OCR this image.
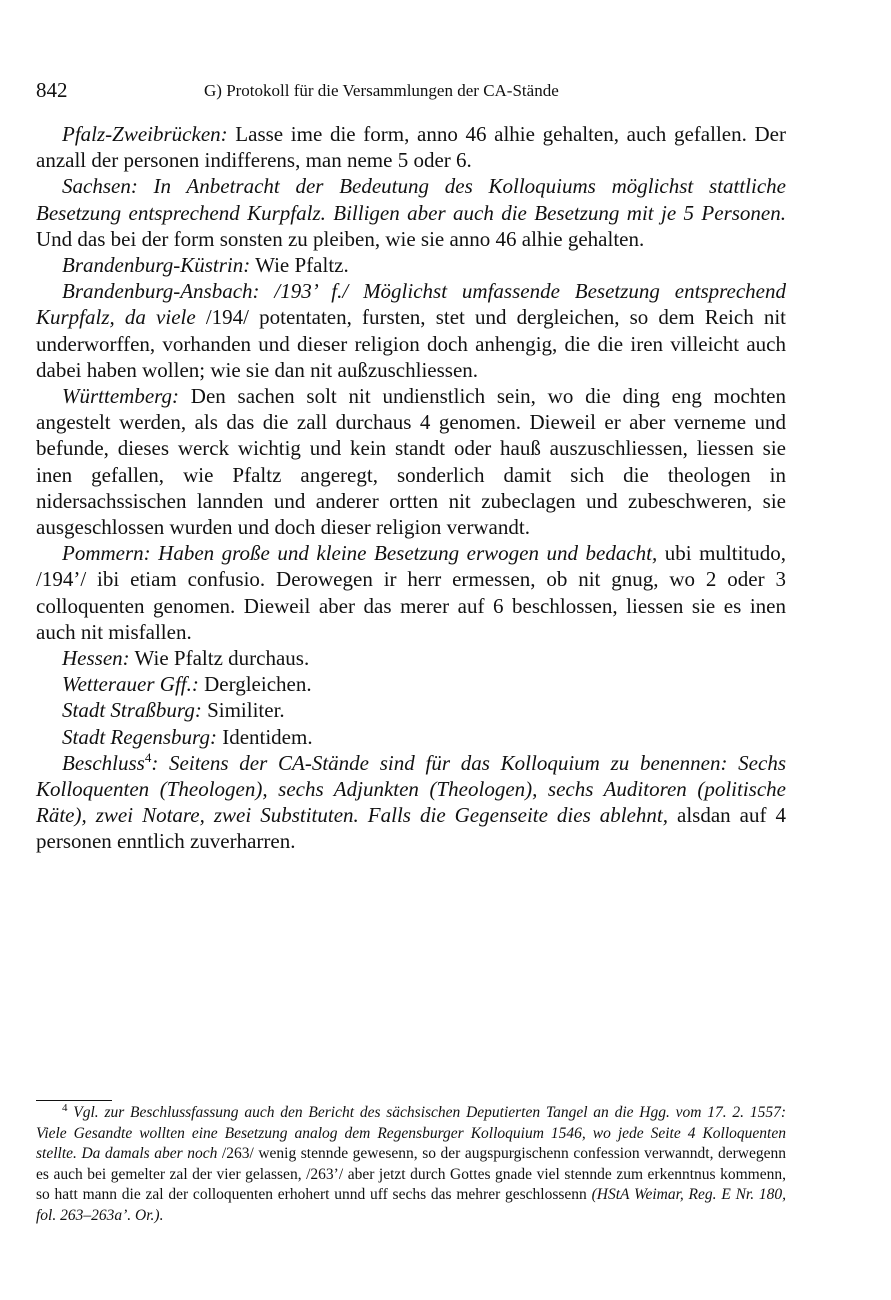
842	G) Protokoll für die Versammlungen der CA-Stände

Pfalz-Zweibrücken: Lasse ime die form, anno 46 alhie gehalten, auch gefallen. Der anzall der personen indifferens, man neme 5 oder 6.

Sachsen: In Anbetracht der Bedeutung des Kolloquiums möglichst stattliche Besetzung entsprechend Kurpfalz. Billigen aber auch die Besetzung mit je 5 Personen. Und das bei der form sonsten zu pleiben, wie sie anno 46 alhie gehalten.

Brandenburg-Küstrin: Wie Pfaltz.

Brandenburg-Ansbach: /193’ f./ Möglichst umfassende Besetzung entsprechend Kurpfalz, da viele /194/ potentaten, fursten, stet und dergleichen, so dem Reich nit underworffen, vorhanden und dieser religion doch anhengig, die die iren villeicht auch dabei haben wollen; wie sie dan nit außzuschliessen.

Württemberg: Den sachen solt nit undienstlich sein, wo die ding eng mochten angestelt werden, als das die zall durchaus 4 genomen. Dieweil er aber verneme und befunde, dieses werck wichtig und kein standt oder hauß auszuschliessen, liessen sie inen gefallen, wie Pfaltz angeregt, sonderlich damit sich die theologen in nidersachssischen lannden und anderer ortten nit zubeclagen und zubeschweren, sie ausgeschlossen wurden und doch dieser religion verwandt.

Pommern: Haben große und kleine Besetzung erwogen und bedacht, ubi multitudo, /194’/ ibi etiam confusio. Derowegen ir herr ermessen, ob nit gnug, wo 2 oder 3 colloquenten genomen. Dieweil aber das merer auf 6 beschlossen, liessen sie es inen auch nit misfallen.

Hessen: Wie Pfaltz durchaus.

Wetterauer Gff.: Dergleichen.

Stadt Straßburg: Similiter.

Stadt Regensburg: Identidem.

Beschluss$^4$: Seitens der CA-Stände sind für das Kolloquium zu benennen: Sechs Kolloquenten (Theologen), sechs Adjunkten (Theologen), sechs Auditoren (politische Räte), zwei Notare, zwei Substituten. Falls die Gegenseite dies ablehnt, alsdan auf 4 personen enntlich zuverharren.

$^4$ Vgl. zur Beschlussfassung auch den Bericht des sächsischen Deputierten Tangel an die Hgg. vom 17. 2. 1557: Viele Gesandte wollten eine Besetzung analog dem Regensburger Kolloquium 1546, wo jede Seite 4 Kolloquenten stellte. Da damals aber noch /263/ wenig stennde gewesenn, so der augspurgischenn confession verwanndt, derwegenn es auch bei gemelter zal der vier gelassen, /263’/ aber jetzt durch Gottes gnade viel stennde zum erkenntnus kommenn, so hatt mann die zal der colloquenten erhohert unnd uff sechs das mehrer geschlossenn (HStA Weimar, Reg. E Nr. 180, fol. 263–263a’. Or.).
